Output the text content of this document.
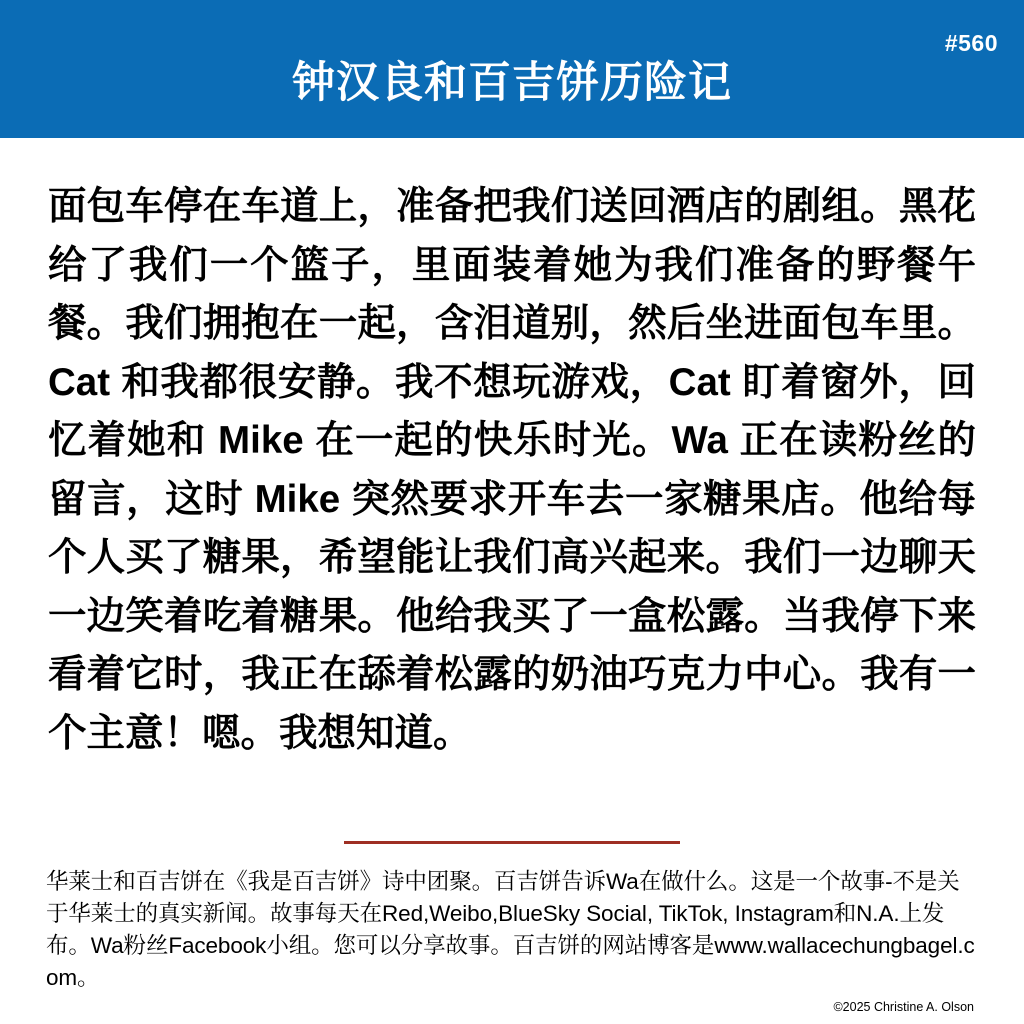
#560
钟汉良和百吉饼历险记
面包车停在车道上，准备把我们送回酒店的剧组。黑花给了我们一个篮子，里面装着她为我们准备的野餐午餐。我们拥抱在一起，含泪道别，然后坐进面包车里。Cat 和我都很安静。我不想玩游戏，Cat 盯着窗外，回忆着她和 Mike 在一起的快乐时光。Wa 正在读粉丝的留言，这时 Mike 突然要求开车去一家糖果店。他给每个人买了糖果，希望能让我们高兴起来。我们一边聊天一边笑着吃着糖果。他给我买了一盒松露。当我停下来看着它时，我正在舔着松露的奶油巧克力中心。我有一个主意！嗯。我想知道。
华莱士和百吉饼在《我是百吉饼》诗中团聚。百吉饼告诉Wa在做什么。这是一个故事-不是关于华莱士的真实新闻。故事每天在Red,Weibo,BlueSky Social, TikTok, Instagram和N.A.上发布。Wa粉丝Facebook小组。您可以分享故事。百吉饼的网站博客是www.wallacechungbagel.com。
©2025 Christine A. Olson
